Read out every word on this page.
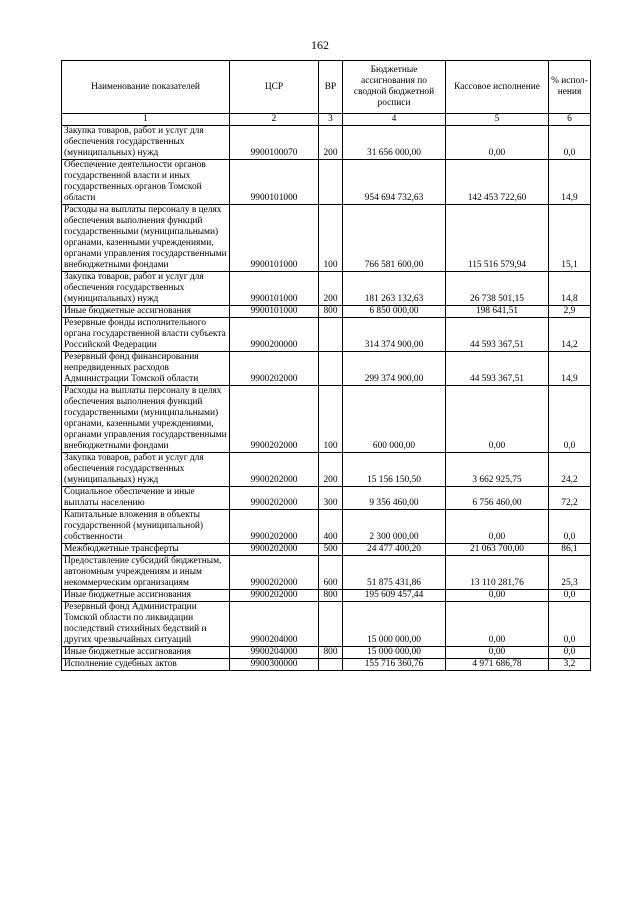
162
Наименование показателей	ЦСР	ВР	Бюджетные ассигнования по сводной бюджетной росписи	Кассовое исполнение	% испол-нения
1	2	3	4	5	6
Закупка товаров, работ и услуг для обеспечения государственных (муниципальных) нужд	9900100070	200	31 656 000,00	0,00	0,0
Обеспечение деятельности органов государственной власти и иных государственных органов Томской области	9900101000		954 694 732,63	142 453 722,60	14,9
Расходы на выплаты персоналу в целях обеспечения выполнения функций государственными (муниципальными) органами, казенными учреждениями, органами управления государственными внебюджетными фондами	9900101000	100	766 581 600,00	115 516 579,94	15,1
Закупка товаров, работ и услуг для обеспечения государственных (муниципальных) нужд	9900101000	200	181 263 132,63	26 738 501,15	14,8
Иные бюджетные ассигнования	9900101000	800	6 850 000,00	198 641,51	2,9
Резервные фонды исполнительного органа государственной власти субъекта Российской Федерации	9900200000		314 374 900,00	44 593 367,51	14,2
Резервный фонд финансирования непредвиденных расходов Администрации Томской области	9900202000		299 374 900,00	44 593 367,51	14,9
Расходы на выплаты персоналу в целях обеспечения выполнения функций государственными (муниципальными) органами, казенными учреждениями, органами управления государственными внебюджетными фондами	9900202000	100	600 000,00	0,00	0,0
Закупка товаров, работ и услуг для обеспечения государственных (муниципальных) нужд	9900202000	200	15 156 150,50	3 662 925,75	24,2
Социальное обеспечение и иные выплаты населению	9900202000	300	9 356 460,00	6 756 460,00	72,2
Капитальные вложения в объекты государственной (муниципальной) собственности	9900202000	400	2 300 000,00	0,00	0,0
Межбюджетные трансферты	9900202000	500	24 477 400,20	21 063 700,00	86,1
Предоставление субсидий бюджетным, автономным учреждениям и иным некоммерческим организациям	9900202000	600	51 875 431,86	13 110 281,76	25,3
Иные бюджетные ассигнования	9900202000	800	195 609 457,44	0,00	0,0
Резервный фонд Администрации Томской области по ликвидации последствий стихийных бедствий и других чрезвычайных ситуаций	9900204000		15 000 000,00	0,00	0,0
Иные бюджетные ассигнования	9900204000	800	15 000 000,00	0,00	0,0
Исполнение судебных актов	9900300000		155 716 360,76	4 971 686,78	3,2
